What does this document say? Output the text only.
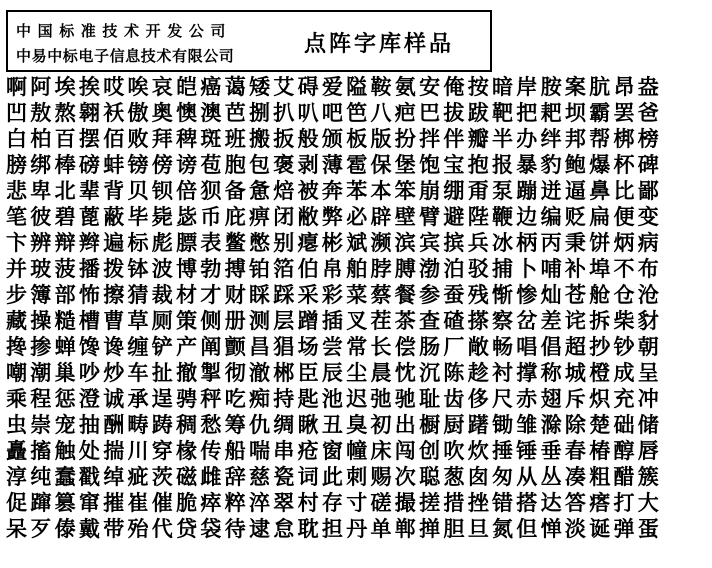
中国标准技术开发公司
中易中标电子信息技术有限公司	点阵字库样品
啊阿埃挨哎唉哀皑癌蔼矮艾碍爱隘鞍氨安俺按暗岸胺案肮昂盎
凹敖熬翱袄傲奥懊澳芭捌扒叭吧笆八疤巴拔跋靶把耙坝霸罢爸
白柏百摆佰败拜稗斑班搬扳般颁板版扮拌伴瓣半办绊邦帮梆榜
膀绑棒磅蚌镑傍谤苞胞包褒剥薄雹保堡饱宝抱报暴豹鲍爆杯碑
悲卑北辈背贝钡倍狈备惫焙被奔苯本笨崩绷甭泵蹦迸逼鼻比鄙
笔彼碧蓖蔽毕毙毖币庇痹闭敝弊必辟壁臂避陛鞭边编贬扁便变
卞辨辩辫遍标彪膘表鳖憋别瘪彬斌濒滨宾摈兵冰柄丙秉饼炳病
并玻菠播拨钵波博勃搏铂箔伯帛舶脖膊渤泊驳捕卜哺补埠不布
步簿部怖擦猜裁材才财睬踩采彩菜蔡餐参蚕残惭惨灿苍舱仓沧
藏操糙槽曹草厕策侧册测层蹭插叉茬茶查碴搽察岔差诧拆柴豺
搀掺蝉馋谗缠铲产阐颤昌猖场尝常长偿肠厂敞畅唱倡超抄钞朝
嘲潮巢吵炒车扯撤掣彻澈郴臣辰尘晨忱沉陈趁衬撑称城橙成呈
乘程惩澄诚承逞骋秤吃痴持匙池迟弛驰耻齿侈尺赤翅斥炽充冲
虫崇宠抽酬畴踌稠愁筹仇绸瞅丑臭初出橱厨躇锄雏滁除楚础储
矗搐触处揣川穿椽传船喘串疮窗幢床闯创吹炊捶锤垂春椿醇唇
淳纯蠢戳绰疵茨磁雌辞慈瓷词此刺赐次聪葱囱匆从丛凑粗醋簇
促蹿篡窜摧崔催脆瘁粹淬翠村存寸磋撮搓措挫错搭达答瘩打大
呆歹傣戴带殆代贷袋待逮怠耽担丹单郸掸胆旦氮但惮淡诞弹蛋
